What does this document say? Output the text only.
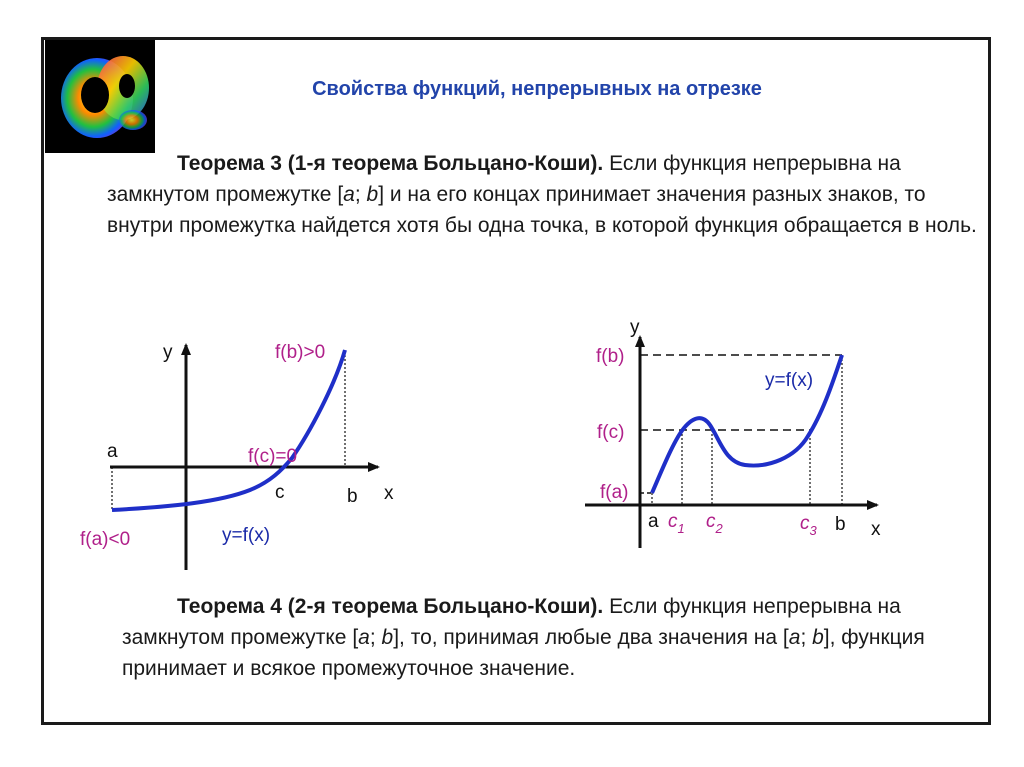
Свойства функций, непрерывных на отрезке

Теорема 3 (1-я теорема Больцано-Коши). Если функция непрерывна на замкнутом промежутке [a; b] и на его концах принимает значения разных знаков, то внутри промежутка найдется хотя бы одна точка, в которой функция обращается в ноль.

Теорема 4 (2-я теорема Больцано-Коши). Если функция непрерывна на замкнутом промежутке [a; b], то, принимая любые два значения на [a; b], функция принимает и всякое промежуточное значение.

y
x
a
b
c
f(a)<0
f(b)>0
f(c)=0
y=f(x)
y
x
f(b)
f(c)
f(a)
y=f(x)
a	b
$c_1$ $c_2$	$c_3$
